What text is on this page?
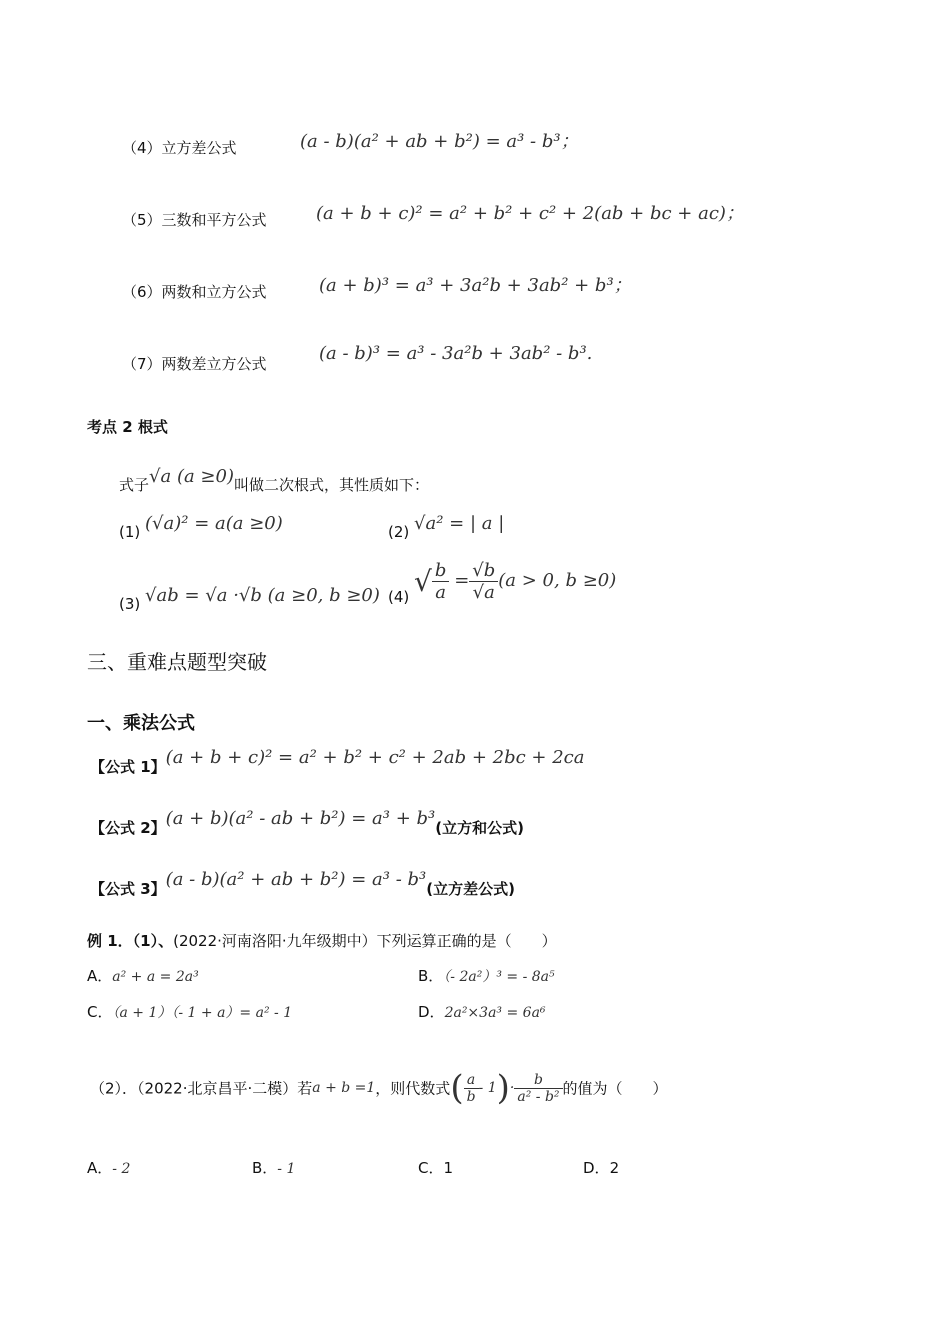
（4）立方差公式	(a - b)(a² + ab + b²) = a³ - b³；
（5）三数和平方公式	(a + b + c)² = a² + b² + c² + 2(ab + bc + ac)；
（6）两数和立方公式	(a + b)³ = a³ + 3a²b + 3ab² + b³；
（7）两数差立方公式	(a - b)³ = a³ - 3a²b + 3ab² - b³.
考点 2 根式
式子√a (a ≥0)叫做二次根式，其性质如下：
(1) (√a)² = a(a ≥0)	(2) √a² = | a |
(3) √ab = √a ·√b (a ≥0, b ≥0) (4) √ $\frac{b}{a} = \frac{√b}{√a} (a > 0$, b ≥0)
三、重难点题型突破
一、乘法公式
【公式 1】(a + b + c)² = a² + b² + c² + 2ab + 2bc + 2ca
【公式 2】(a + b)(a² - ab + b²) = a³ + b³(立方和公式)
【公式 3】(a - b)(a² + ab + b²) = a³ - b³(立方差公式)
例 1．（1）、(2022·河南洛阳·九年级期中）下列运算正确的是（　　）
A．a² + a = 2a³	B．（- 2a²）³ = - 8a⁵
C．（a + 1）（- 1 + a）= a² - 1	D．2a²×3a³ = 6a⁶
（2）．（2022·北京昌平·二模）若a + b =1，则代数式( $\frac{a}{b} - 1)\cdot \frac{b}{\text{a² - b²}}$ 的值为（　　）
A．- 2	B．- 1	C．1	D．2
